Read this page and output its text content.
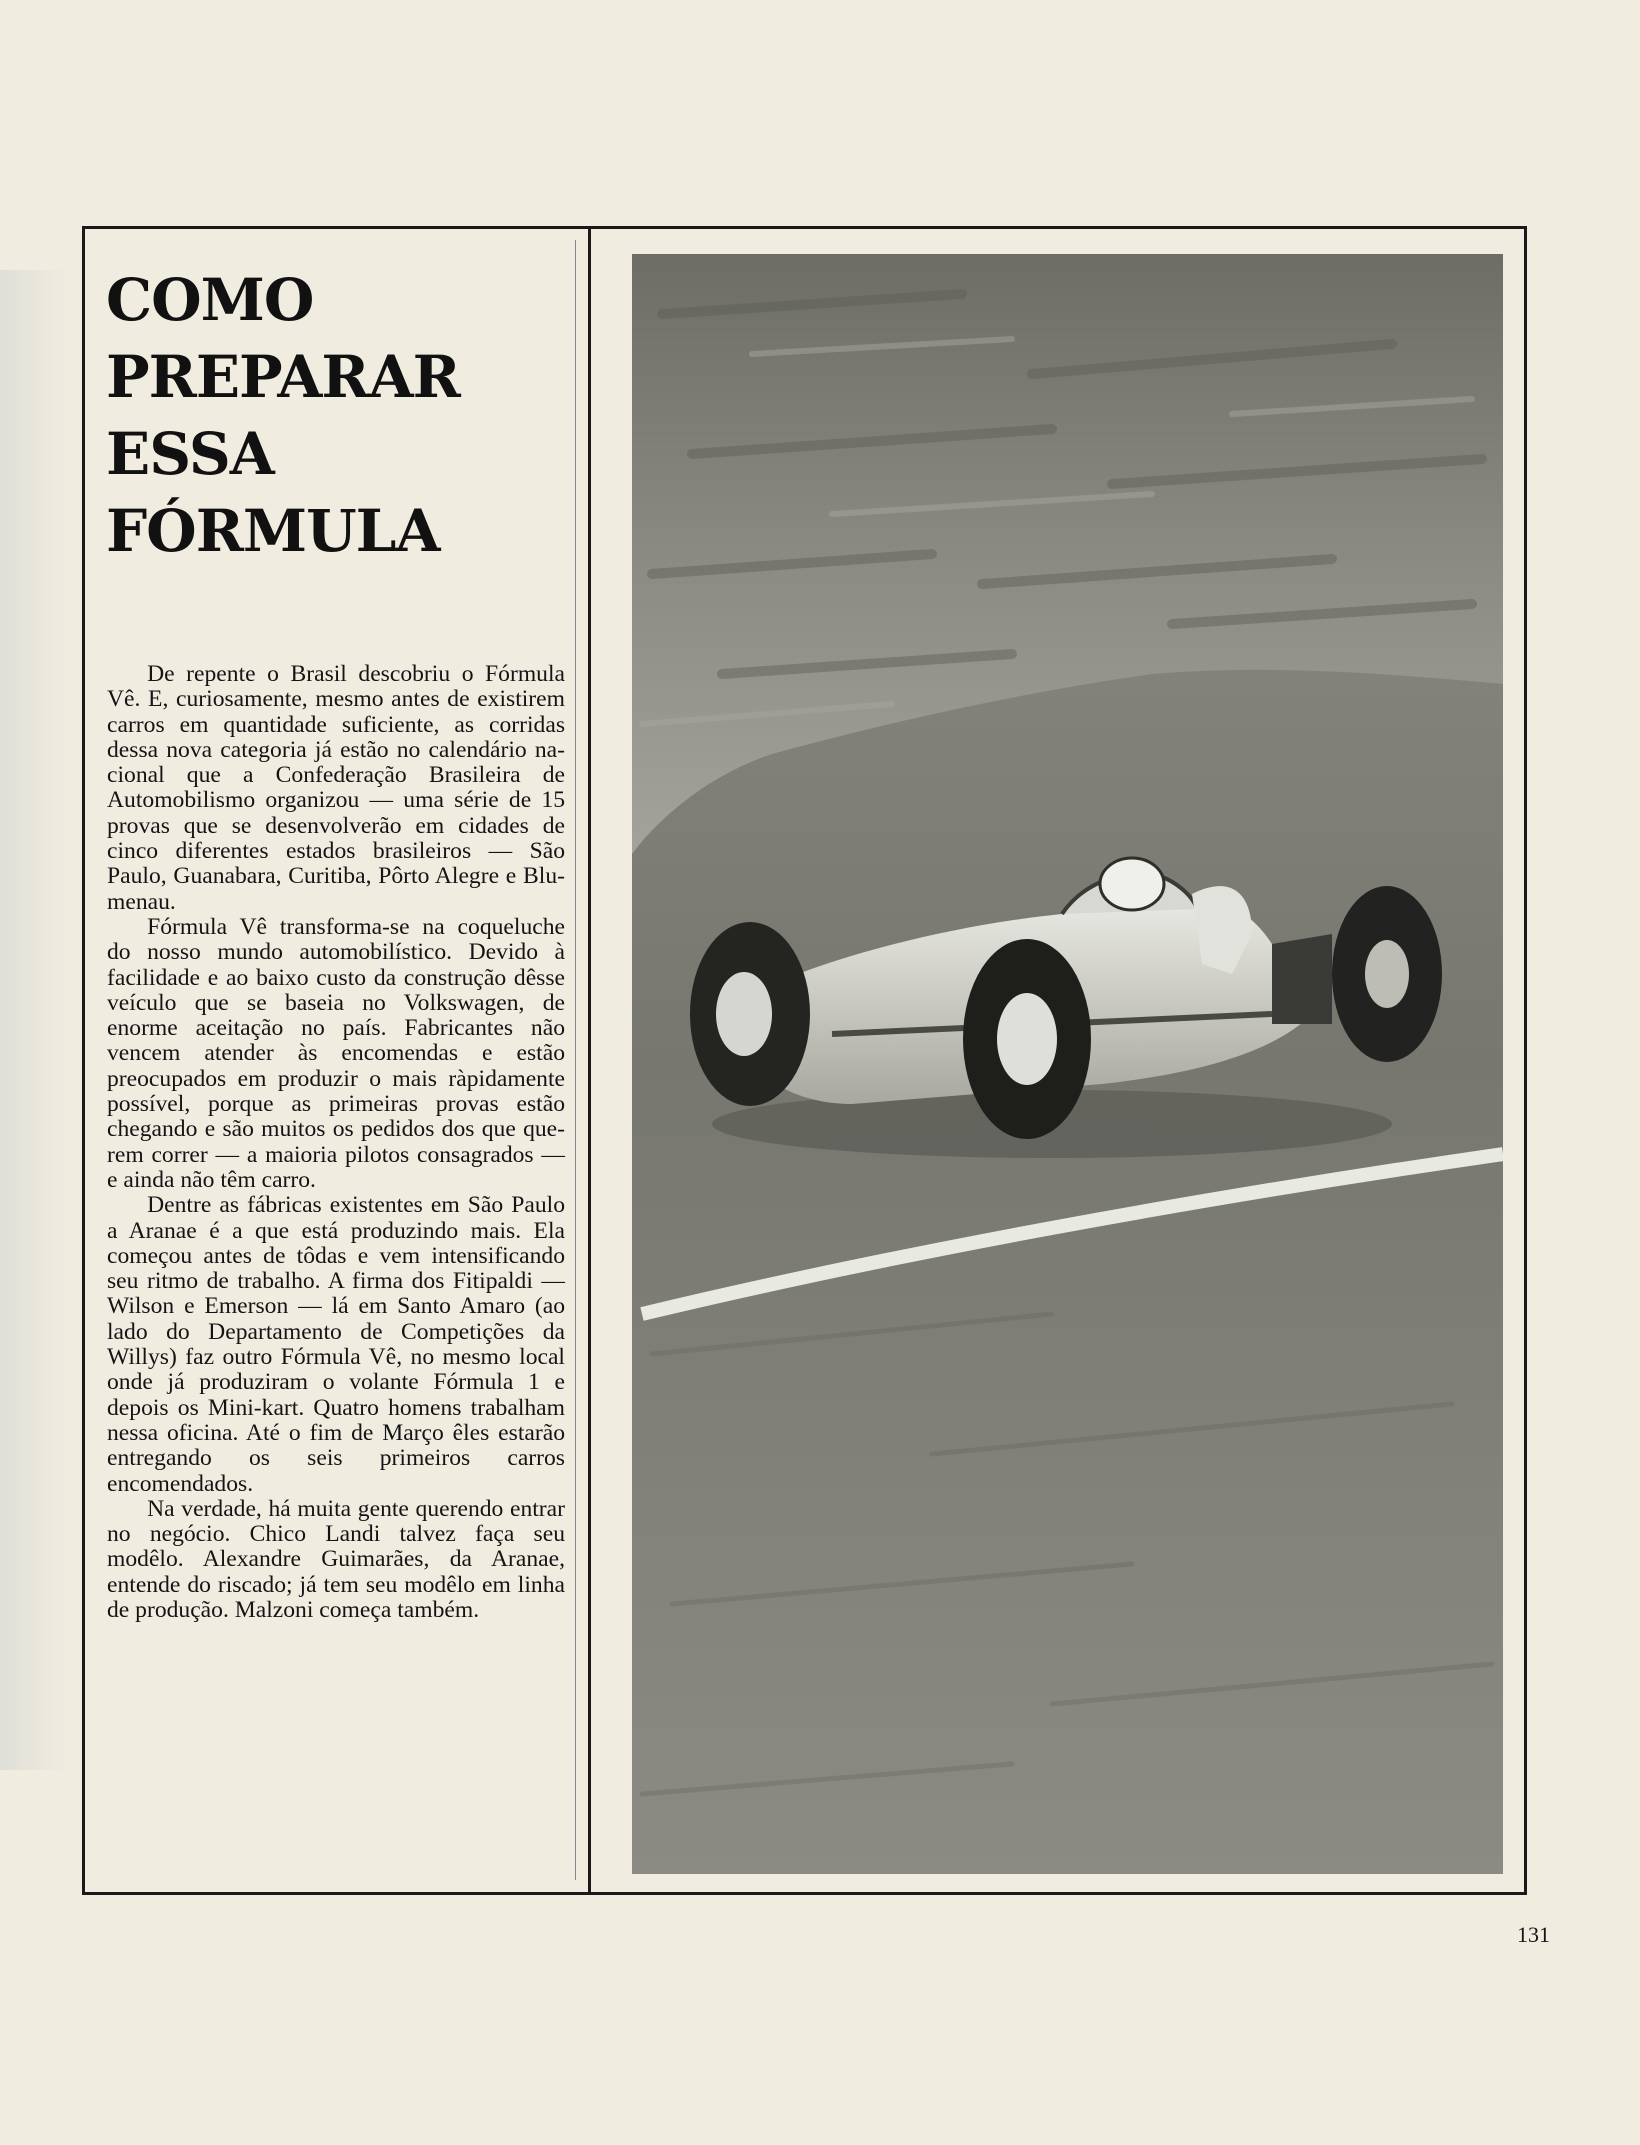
COMO
PREPARAR
ESSA
FÓRMULA

De repente o Brasil descobriu o Fórmula Vê. E, curiosamente, mesmo antes de existirem carros em quantidade suficiente, as corridas dessa nova categoria já estão no calendário nacional que a Confederação Brasileira de Automobilismo organizou — uma série de 15 provas que se desenvolverão em cidades de cinco diferentes estados brasileiros — São Paulo, Guanabara, Curitiba, Pôrto Alegre e Blumenau.

Fórmula Vê transforma-se na coqueluche do nosso mundo automobilístico. Devido à facilidade e ao baixo custo da construção dêsse veículo que se baseia no Volkswagen, de enorme aceitação no país. Fabricantes não vencem atender às encomendas e estão preocupados em produzir o mais ràpidamente possível, porque as primeiras provas estão chegando e são muitos os pedidos dos que querem correr — a maioria pilotos consagrados — e ainda não têm carro.

Dentre as fábricas existentes em São Paulo a Aranae é a que está produzindo mais. Ela começou antes de tôdas e vem intensificando seu ritmo de trabalho. A firma dos Fitipaldi — Wilson e Emerson — lá em Santo Amaro (ao lado do Departamento de Competições da Willys) faz outro Fórmula Vê, no mesmo local onde já produziram o volante Fórmula 1 e depois os Mini-kart. Quatro homens trabalham nessa oficina. Até o fim de Março êles estarão entregando os seis primeiros carros encomendados.

Na verdade, há muita gente querendo entrar no negócio. Chico Landi talvez faça seu modêlo. Alexandre Guimarães, da Aranae, entende do riscado; já tem seu modêlo em linha de produção. Malzoni começa também.

131
